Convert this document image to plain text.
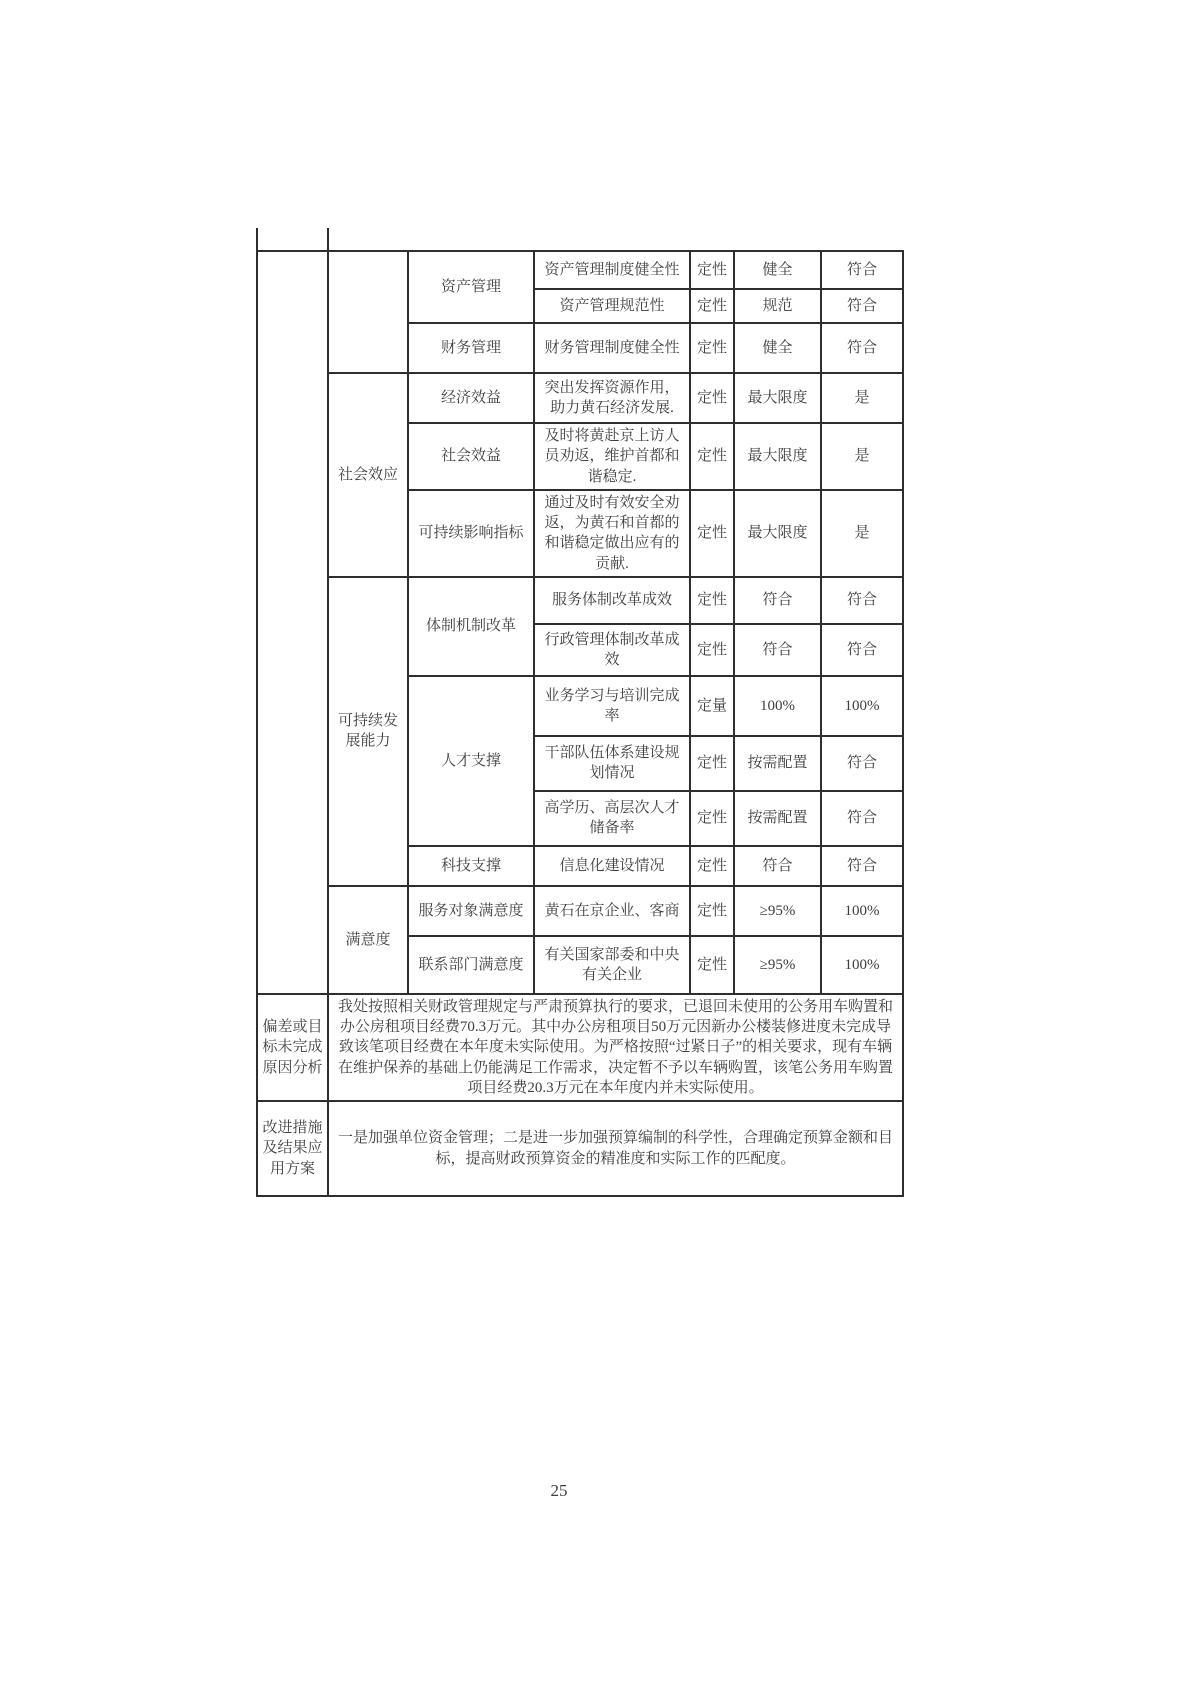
		资产管理	资产管理制度健全性	定性	健全	符合
			资产管理规范性	定性	规范	符合
		财务管理	财务管理制度健全性	定性	健全	符合
	社会效应	经济效益	突出发挥资源作用，助力黄石经济发展.	定性	最大限度	是
		社会效益	及时将黄赴京上访人员劝返，维护首都和谐稳定.	定性	最大限度	是
		可持续影响指标	通过及时有效安全劝返，为黄石和首都的和谐稳定做出应有的贡献.	定性	最大限度	是
	可持续发展能力	体制机制改革	服务体制改革成效	定性	符合	符合
			行政管理体制改革成效	定性	符合	符合
		人才支撑	业务学习与培训完成率	定量	100%	100%
			干部队伍体系建设规划情况	定性	按需配置	符合
			高学历、高层次人才储备率	定性	按需配置	符合
		科技支撑	信息化建设情况	定性	符合	符合
	满意度	服务对象满意度	黄石在京企业、客商	定性	≥95%	100%
		联系部门满意度	有关国家部委和中央有关企业	定性	≥95%	100%
偏差或目标未完成原因分析	我处按照相关财政管理规定与严肃预算执行的要求，已退回未使用的公务用车购置和办公房租项目经费70.3万元。其中办公房租项目50万元因新办公楼装修进度未完成导致该笔项目经费在本年度未实际使用。为严格按照“过紧日子”的相关要求，现有车辆在维护保养的基础上仍能满足工作需求，决定暂不予以车辆购置，该笔公务用车购置项目经费20.3万元在本年度内并未实际使用。					
改进措施及结果应用方案	一是加强单位资金管理；二是进一步加强预算编制的科学性，合理确定预算金额和目标，提高财政预算资金的精准度和实际工作的匹配度。					
25
